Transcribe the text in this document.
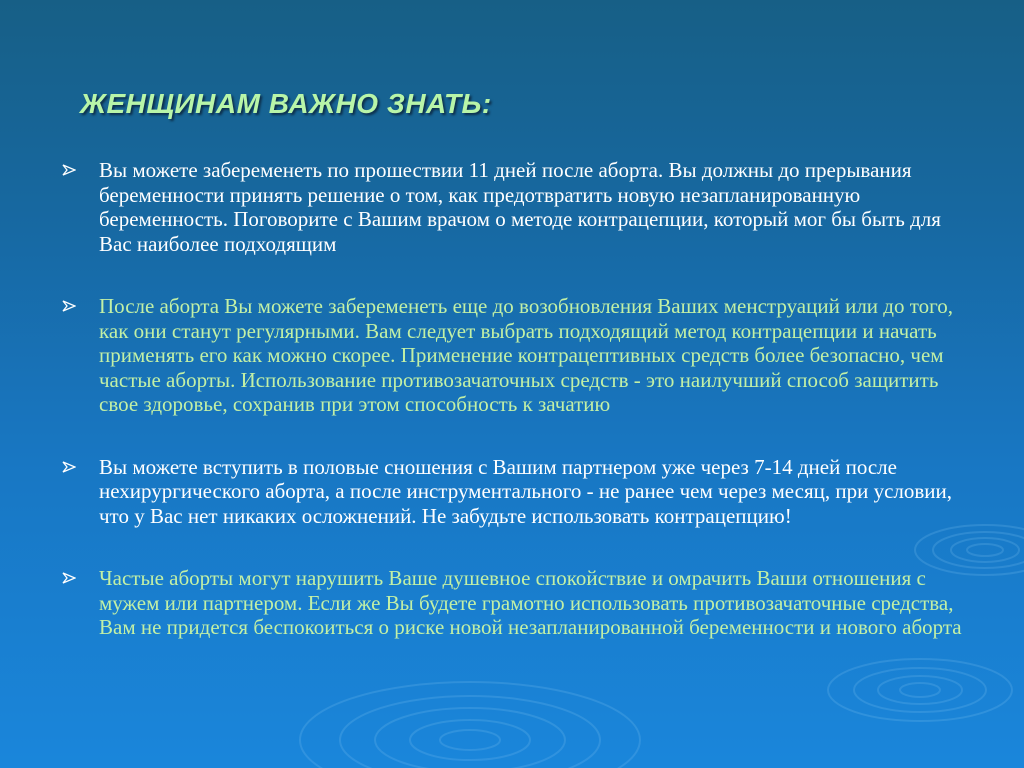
ЖЕНЩИНАМ ВАЖНО ЗНАТЬ:
Вы можете забеременеть по прошествии 11 дней после аборта. Вы должны до прерывания беременности принять решение о том, как предотвратить новую незапланированную беременность. Поговорите с Вашим врачом о методе контрацепции, который мог бы быть для Вас наиболее подходящим
После аборта Вы можете забеременеть еще до возобновления Ваших менструаций или до того, как они станут регулярными. Вам следует выбрать подходящий метод контрацепции и начать применять его как можно скорее. Применение контрацептивных средств более безопасно, чем частые аборты. Использование противозачаточных средств - это наилучший способ защитить свое здоровье, сохранив при этом способность к зачатию
Вы можете вступить в половые сношения с Вашим партнером уже через 7-14 дней после нехирургического аборта, а после инструментального - не ранее чем через месяц, при условии, что у Вас нет никаких осложнений. Не забудьте использовать контрацепцию!
Частые аборты могут нарушить Ваше душевное спокойствие и омрачить Ваши отношения с мужем или партнером. Если же Вы будете грамотно использовать противозачаточные средства, Вам не придется беспокоиться о риске новой незапланированной беременности и нового аборта
